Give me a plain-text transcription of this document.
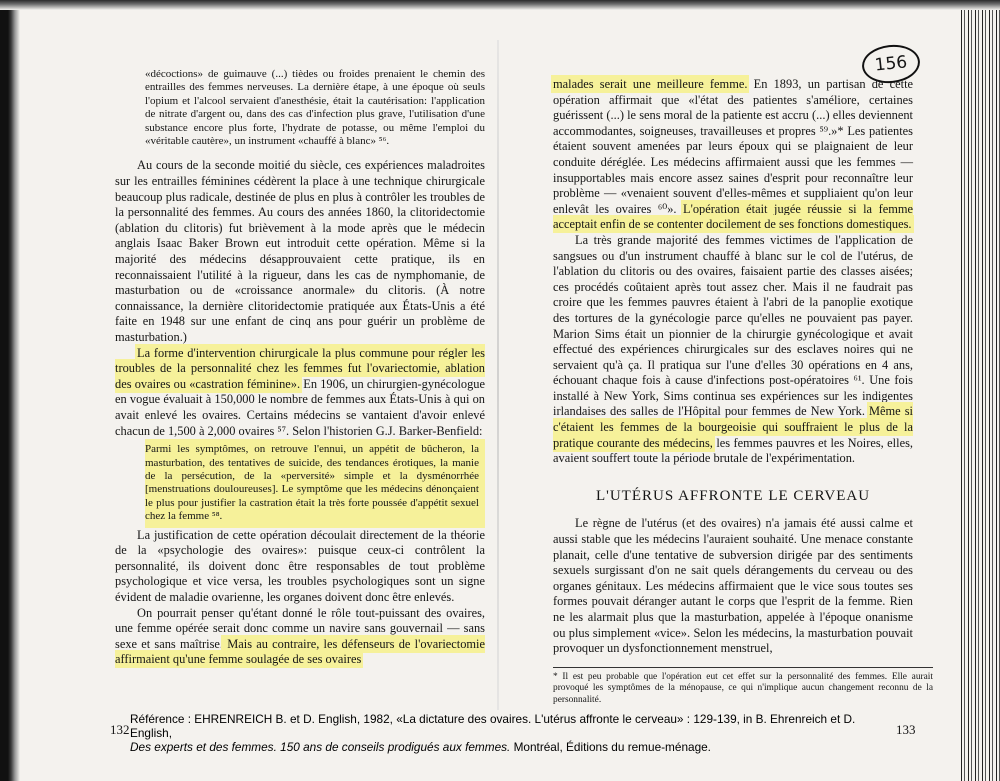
156

«décoctions» de guimauve (...) tièdes ou froides prenaient le chemin des entrailles des femmes nerveuses. La dernière étape, à une époque où seuls l'opium et l'alcool servaient d'anesthésie, était la cautérisation: l'application de nitrate d'argent ou, dans des cas d'infection plus grave, l'utilisation d'une substance encore plus forte, l'hydrate de potasse, ou même l'emploi du «véritable cautère», un instrument «chauffé à blanc» ⁵⁶.

Au cours de la seconde moitié du siècle, ces expériences maladroites sur les entrailles féminines cédèrent la place à une technique chirurgicale beaucoup plus radicale, destinée de plus en plus à contrôler les troubles de la personnalité des femmes. Au cours des années 1860, la clitoridectomie (ablation du clitoris) fut brièvement à la mode après que le médecin anglais Isaac Baker Brown eut introduit cette opération. Même si la majorité des médecins désapprouvaient cette pratique, ils en reconnaissaient l'utilité à la rigueur, dans les cas de nymphomanie, de masturbation ou de «croissance anormale» du clitoris. (À notre connaissance, la dernière clitoridectomie pratiquée aux États-Unis a été faite en 1948 sur une enfant de cinq ans pour guérir un problème de masturbation.)

La forme d'intervention chirurgicale la plus commune pour régler les troubles de la personnalité chez les femmes fut l'ovariectomie, ablation des ovaires ou «castration féminine». En 1906, un chirurgien-gynécologue en vogue évaluait à 150,000 le nombre de femmes aux États-Unis à qui on avait enlevé les ovaires. Certains médecins se vantaient d'avoir enlevé chacun de 1,500 à 2,000 ovaires ⁵⁷. Selon l'historien G.J. Barker-Benfield:

Parmi les symptômes, on retrouve l'ennui, un appétit de bûcheron, la masturbation, des tentatives de suicide, des tendances érotiques, la manie de la persécution, de la «perversité» simple et la dysménorrhée [menstruations douloureuses]. Le symptôme que les médecins dénonçaient le plus pour justifier la castration était la très forte poussée d'appétit sexuel chez la femme ⁵⁸.

La justification de cette opération découlait directement de la théorie de la «psychologie des ovaires»: puisque ceux-ci contrôlent la personnalité, ils doivent donc être responsables de tout problème psychologique et vice versa, les troubles psychologiques sont un signe évident de maladie ovarienne, les organes doivent donc être enlevés.

On pourrait penser qu'étant donné le rôle tout-puissant des ovaires, une femme opérée serait donc comme un navire sans gouvernail — sans sexe et sans maîtrise. Mais au contraire, les défenseurs de l'ovariectomie affirmaient qu'une femme soulagée de ses ovaires

malades serait une meilleure femme. En 1893, un partisan de cette opération affirmait que «l'état des patientes s'améliore, certaines guérissent (...) le sens moral de la patiente est accru (...) elles deviennent accommodantes, soigneuses, travailleuses et propres ⁵⁹.»* Les patientes étaient souvent amenées par leurs époux qui se plaignaient de leur conduite déréglée. Les médecins affirmaient aussi que les femmes — insupportables mais encore assez saines d'esprit pour reconnaître leur problème — «venaient souvent d'elles-mêmes et suppliaient qu'on leur enlevât les ovaires ⁶⁰». L'opération était jugée réussie si la femme acceptait enfin de se contenter docilement de ses fonctions domestiques.

La très grande majorité des femmes victimes de l'application de sangsues ou d'un instrument chauffé à blanc sur le col de l'utérus, de l'ablation du clitoris ou des ovaires, faisaient partie des classes aisées; ces procédés coûtaient après tout assez cher. Mais il ne faudrait pas croire que les femmes pauvres étaient à l'abri de la panoplie exotique des tortures de la gynécologie parce qu'elles ne pouvaient pas payer. Marion Sims était un pionnier de la chirurgie gynécologique et avait effectué des expériences chirurgicales sur des esclaves noires qui ne servaient qu'à ça. Il pratiqua sur l'une d'elles 30 opérations en 4 ans, échouant chaque fois à cause d'infections post-opératoires ⁶¹. Une fois installé à New York, Sims continua ses expériences sur les indigentes irlandaises des salles de l'Hôpital pour femmes de New York. Même si c'étaient les femmes de la bourgeoisie qui souffraient le plus de la pratique courante des médecins, les femmes pauvres et les Noires, elles, avaient souffert toute la période brutale de l'expérimentation.

L'UTÉRUS AFFRONTE LE CERVEAU

Le règne de l'utérus (et des ovaires) n'a jamais été aussi calme et aussi stable que les médecins l'auraient souhaité. Une menace constante planait, celle d'une tentative de subversion dirigée par des sentiments sexuels surgissant d'on ne sait quels dérangements du cerveau ou des organes génitaux. Les médecins affirmaient que le vice sous toutes ses formes pouvait déranger autant le corps que l'esprit de la femme. Rien ne les alarmait plus que la masturbation, appelée à l'époque onanisme ou plus simplement «vice». Selon les médecins, la masturbation pouvait provoquer un dysfonctionnement menstruel,

* Il est peu probable que l'opération eut cet effet sur la personnalité des femmes. Elle aurait provoqué les symptômes de la ménopause, ce qui n'implique aucun changement reconnu de la personnalité.

132	133
Référence : EHRENREICH B. et D. English, 1982, «La dictature des ovaires. L'utérus affronte le cerveau» : 129-139, in B. Ehrenreich et D. English,
Des experts et des femmes. 150 ans de conseils prodigués aux femmes. Montréal, Éditions du remue-ménage.
